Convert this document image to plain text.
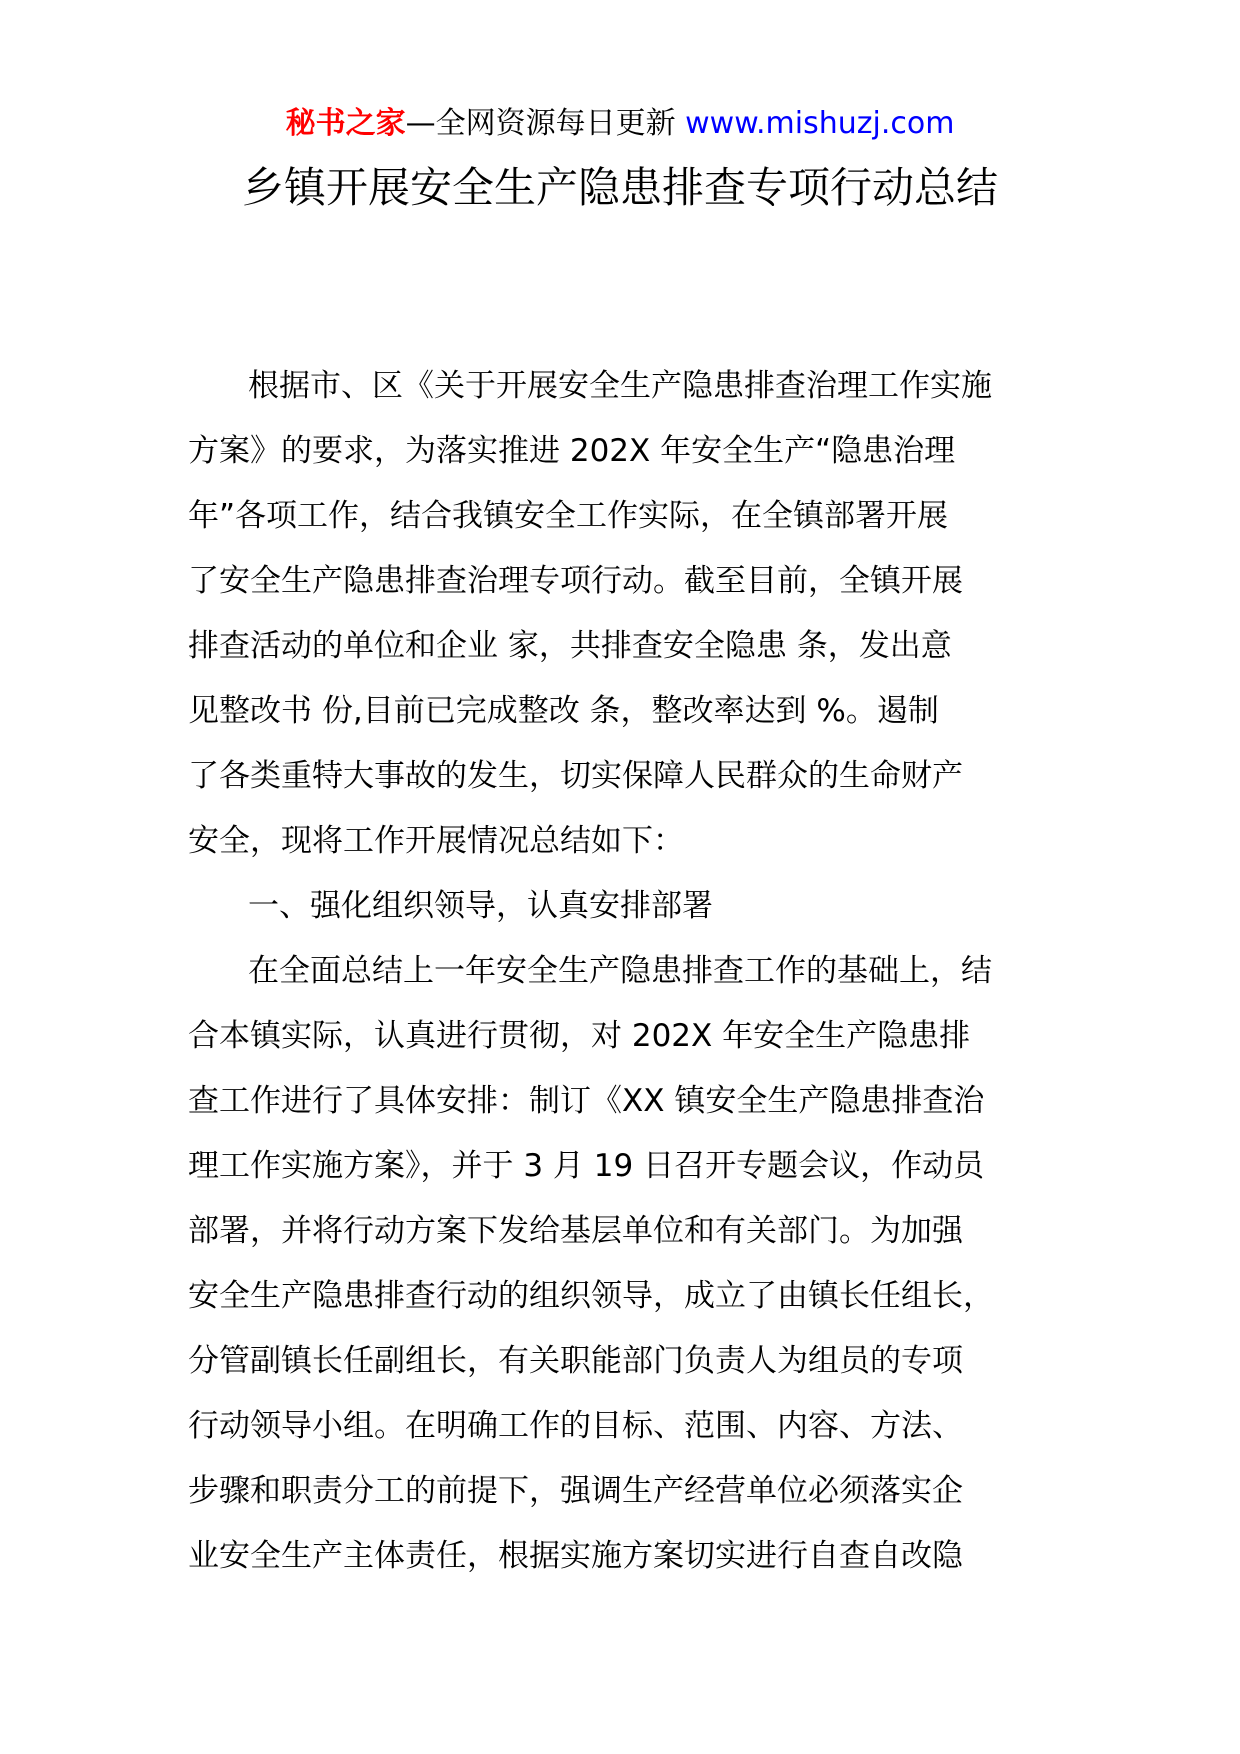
秘书之家—全网资源每日更新 www.mishuzj.com
乡镇开展安全生产隐患排查专项行动总结
根据市、区《关于开展安全生产隐患排查治理工作实施
方案》的要求，为落实推进 202X 年安全生产“隐患治理
年”各项工作，结合我镇安全工作实际，在全镇部署开展
了安全生产隐患排查治理专项行动。截至目前，全镇开展
排查活动的单位和企业 家，共排查安全隐患 条，发出意
见整改书 份,目前已完成整改 条，整改率达到 %。遏制
了各类重特大事故的发生，切实保障人民群众的生命财产
安全，现将工作开展情况总结如下：
一、强化组织领导，认真安排部署
在全面总结上一年安全生产隐患排查工作的基础上，结
合本镇实际，认真进行贯彻，对 202X 年安全生产隐患排
查工作进行了具体安排：制订《XX 镇安全生产隐患排查治
理工作实施方案》，并于 3 月 19 日召开专题会议，作动员
部署，并将行动方案下发给基层单位和有关部门。为加强
安全生产隐患排查行动的组织领导，成立了由镇长任组长，
分管副镇长任副组长，有关职能部门负责人为组员的专项
行动领导小组。在明确工作的目标、范围、内容、方法、
步骤和职责分工的前提下，强调生产经营单位必须落实企
业安全生产主体责任，根据实施方案切实进行自查自改隐
